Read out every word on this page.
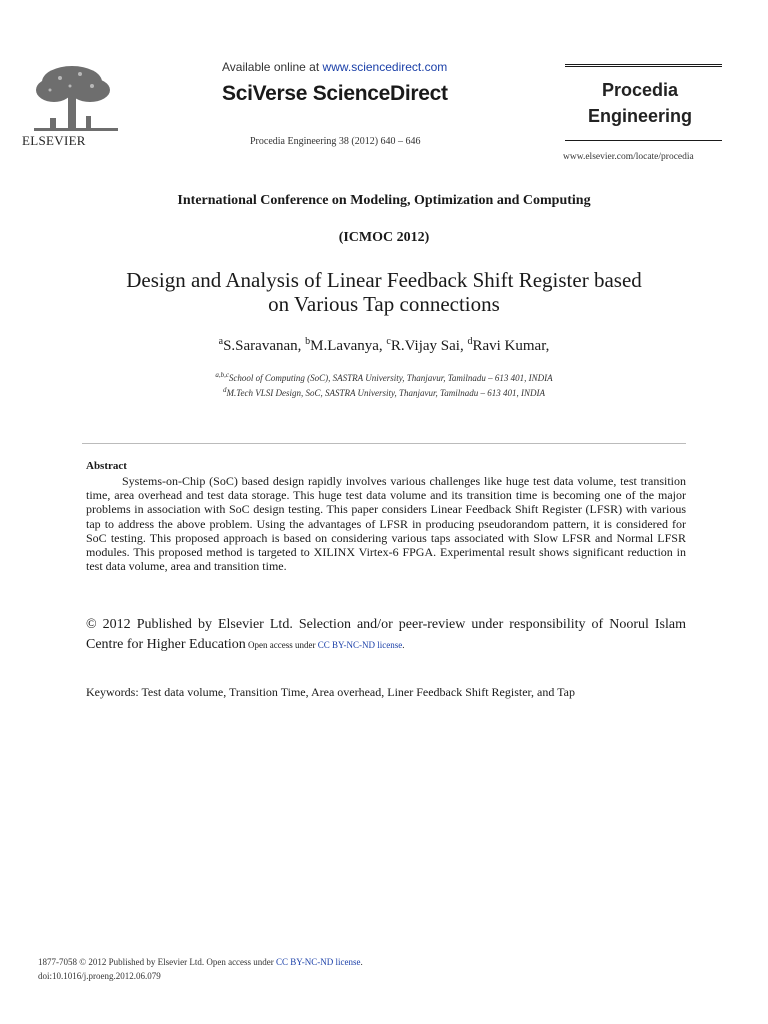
ELSEVIER
Available online at www.sciencedirect.com
SciVerse ScienceDirect
Procedia Engineering 38 (2012) 640 – 646
Procedia
Engineering
www.elsevier.com/locate/procedia
International Conference on Modeling, Optimization and Computing
(ICMOC 2012)
Design and Analysis of Linear Feedback Shift Register based
on Various Tap connections
$^a$S.Saravanan, $^b$M.Lavanya, $^c$R.Vijay Sai, $^d$Ravi Kumar,
$^{a,b,c}$School of Computing (SoC), SASTRA University, Thanjavur, Tamilnadu – 613 401, INDIA
$^d$M.Tech VLSI Design, SoC, SASTRA University, Thanjavur, Tamilnadu – 613 401, INDIA
Abstract
Systems-on-Chip (SoC) based design rapidly involves various challenges like huge test data volume, test transition time, area overhead and test data storage. This huge test data volume and its transition time is becoming one of the major problems in association with SoC design testing. This paper considers Linear Feedback Shift Register (LFSR) with various tap to address the above problem. Using the advantages of LFSR in producing pseudorandom pattern, it is considered for SoC testing. This proposed approach is based on considering various taps associated with Slow LFSR and Normal LFSR modules. This proposed method is targeted to XILINX Virtex-6 FPGA. Experimental result shows significant reduction in test data volume, area and transition time.
© 2012 Published by Elsevier Ltd. Selection and/or peer-review under responsibility of Noorul Islam Centre for Higher Education Open access under CC BY-NC-ND license.
Keywords: Test data volume, Transition Time, Area overhead, Liner Feedback Shift Register, and Tap
1877-7058 © 2012 Published by Elsevier Ltd. Open access under CC BY-NC-ND license.
doi:10.1016/j.proeng.2012.06.079
